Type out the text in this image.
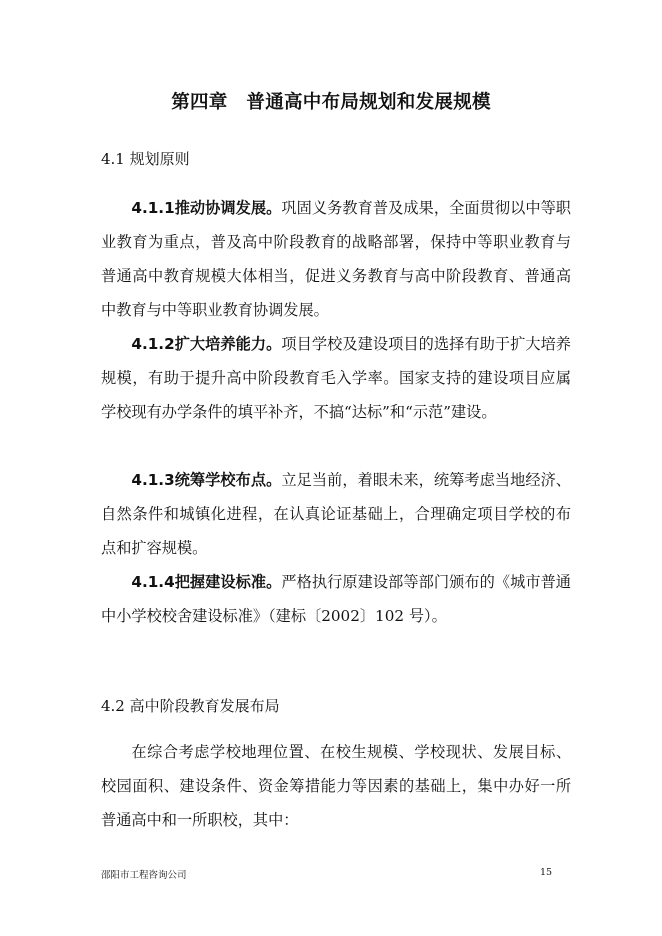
第四章　普通高中布局规划和发展规模
4.1 规划原则
4.1.1推动协调发展。巩固义务教育普及成果，全面贯彻以中等职业教育为重点，普及高中阶段教育的战略部署，保持中等职业教育与普通高中教育规模大体相当，促进义务教育与高中阶段教育、普通高中教育与中等职业教育协调发展。
4.1.2扩大培养能力。项目学校及建设项目的选择有助于扩大培养规模，有助于提升高中阶段教育毛入学率。国家支持的建设项目应属学校现有办学条件的填平补齐，不搞“达标”和“示范”建设。
4.1.3统筹学校布点。立足当前，着眼未来，统筹考虑当地经济、自然条件和城镇化进程，在认真论证基础上，合理确定项目学校的布点和扩容规模。
4.1.4把握建设标准。严格执行原建设部等部门颁布的《城市普通中小学校校舍建设标准》（建标〔2002〕102 号）。
4.2 高中阶段教育发展布局
在综合考虑学校地理位置、在校生规模、学校现状、发展目标、校园面积、建设条件、资金筹措能力等因素的基础上，集中办好一所普通高中和一所职校，其中：
邵阳市工程咨询公司	15
